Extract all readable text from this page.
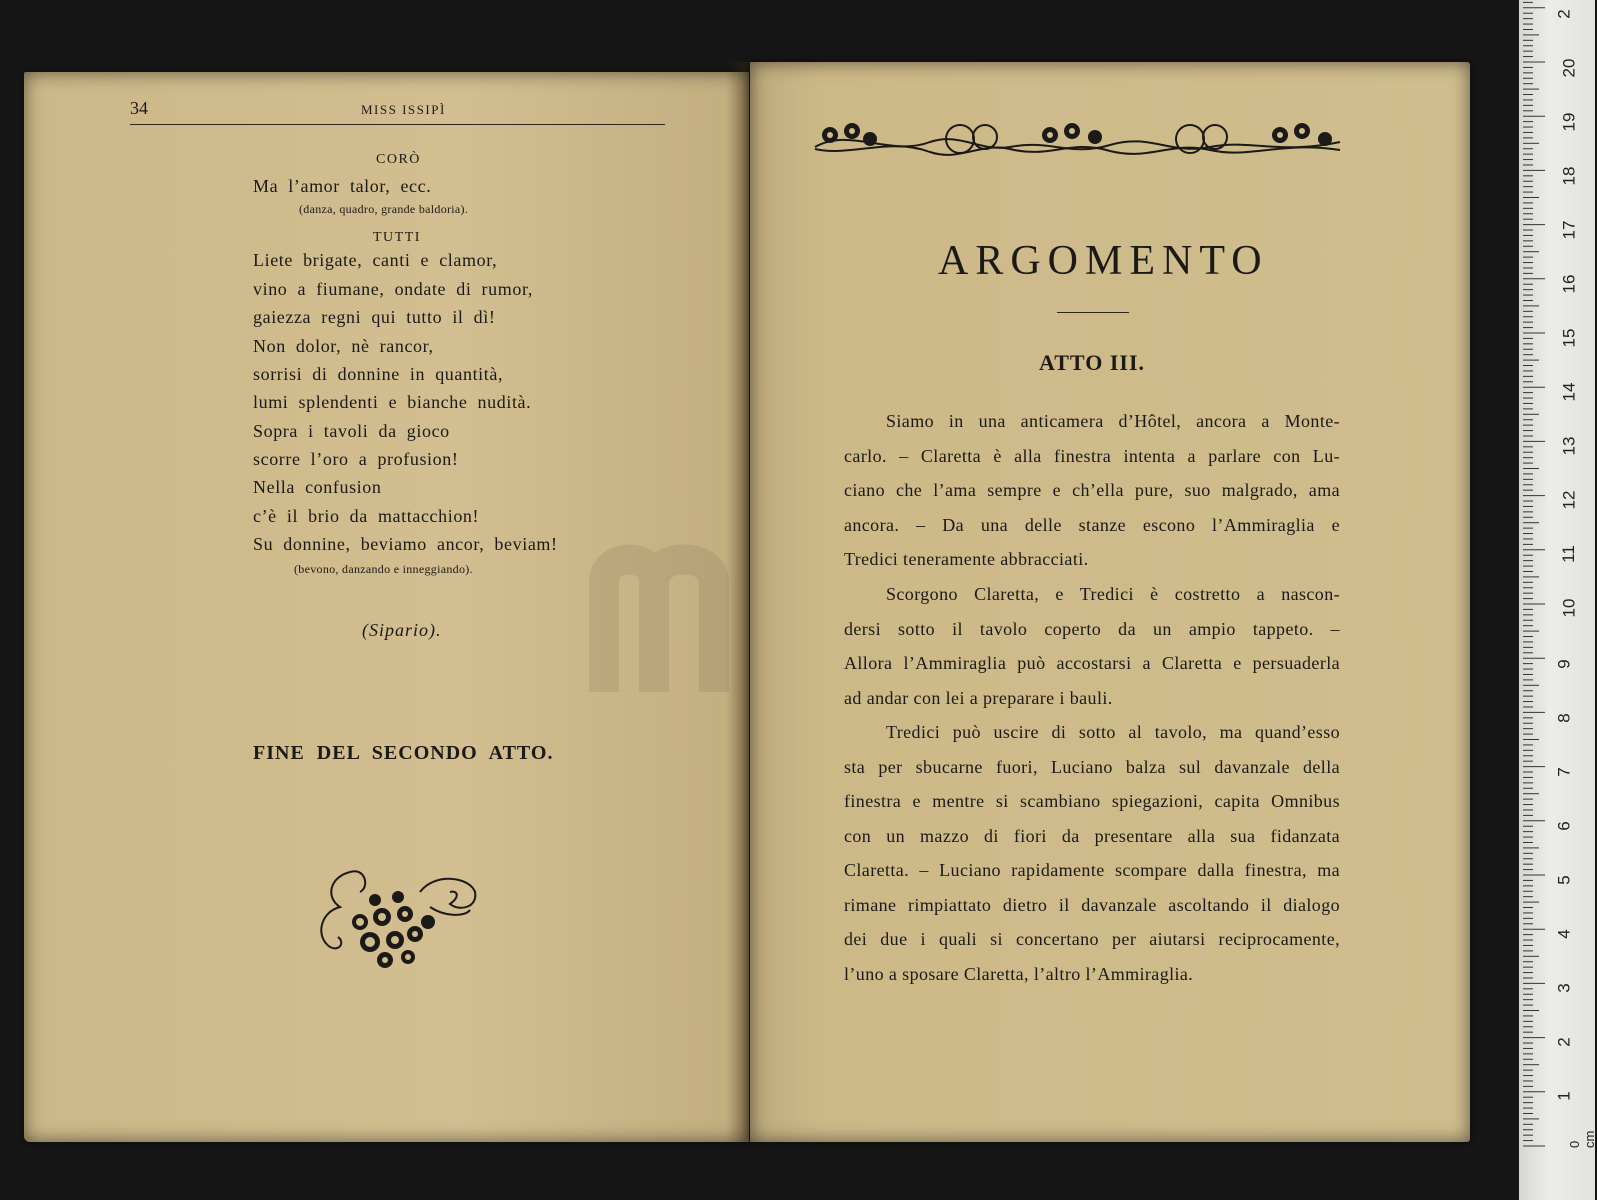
34	MISS ISSIPÌ
CORÒ
Ma l’amor talor, ecc.
(danza, quadro, grande baldoria).
TUTTI
Liete brigate, canti e clamor,
vino a fiumane, ondate di rumor,
gaiezza regni qui tutto il dì!
Non dolor, nè rancor,
sorrisi di donnine in quantità,
lumi splendenti e bianche nudità.
Sopra i tavoli da gioco
scorre l’oro a profusion!
Nella confusion
c’è il brio da mattacchion!
Su donnine, beviamo ancor, beviam!
(bevono, danzando e inneggiando).
(Sipario).
FINE DEL SECONDO ATTO.
ARGOMENTO
ATTO III.
Siamo in una anticamera d’Hôtel, ancora a Monte-
carlo. – Claretta è alla finestra intenta a parlare con Lu-
ciano che l’ama sempre e ch’ella pure, suo malgrado, ama
ancora. – Da una delle stanze escono l’Ammiraglia e
Tredici teneramente abbracciati.
Scorgono Claretta, e Tredici è costretto a nascon-
dersi sotto il tavolo coperto da un ampio tappeto. –
Allora l’Ammiraglia può accostarsi a Claretta e persuaderla
ad andar con lei a preparare i bauli.
Tredici può uscire di sotto al tavolo, ma quand’esso
sta per sbucarne fuori, Luciano balza sul davanzale della
finestra e mentre si scambiano spiegazioni, capita Omnibus
con un mazzo di fiori da presentare alla sua fidanzata
Claretta. – Luciano rapidamente scompare dalla finestra, ma
rimane rimpiattato dietro il davanzale ascoltando il dialogo
dei due i quali si concertano per aiutarsi reciprocamente,
l’uno a sposare Claretta, l’altro l’Ammiraglia.
0 cm
1
2
3
4
5
6
7
8
9
10
11
12
13
14
15
16
17
18
19
20
2
